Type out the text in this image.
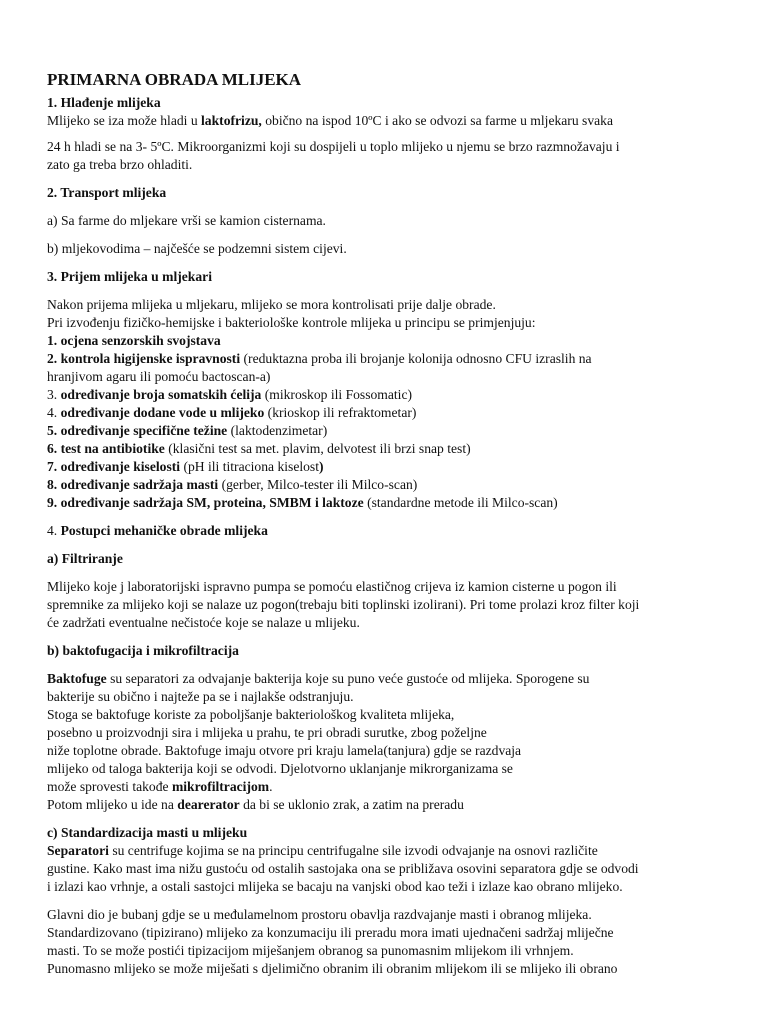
PRIMARNA OBRADA MLIJEKA

1. Hlađenje mlijeka

Mlijeko se iza može hladi u laktofrizu, obično na ispod 10ºC i ako se odvozi sa farme u mljekaru svaka

24 h hladi se na 3- 5ºC. Mikroorganizmi koji su dospijeli u toplo mlijeko u njemu se brzo razmnožavaju i

zato ga treba brzo ohladiti.

2. Transport mlijeka

a) Sa farme do mljekare vrši se kamion cisternama.

b) mljekovodima – najčešće se podzemni sistem cijevi.

3. Prijem mlijeka u mljekari

Nakon prijema mlijeka u mljekaru, mlijeko se mora kontrolisati prije dalje obrade.

Pri izvođenju fizičko-hemijske i bakteriološke kontrole mlijeka u principu se primjenjuju:

1. ocjena senzorskih svojstava

2. kontrola higijenske ispravnosti (reduktazna proba ili brojanje kolonija odnosno CFU izraslih na

hranjivom agaru ili pomoću bactoscan-a)

3. određivanje broja somatskih ćelija (mikroskop ili Fossomatic)

4. određivanje dodane vode u mlijeko (krioskop ili refraktometar)

5. određivanje specifične težine (laktodenzimetar)

6. test na antibiotike (klasični test sa met. plavim, delvotest ili brzi snap test)

7. određivanje kiselosti (pH ili titraciona kiselost)

8. određivanje sadržaja masti (gerber, Milco-tester ili Milco-scan)

9. određivanje sadržaja SM, proteina, SMBM i laktoze (standardne metode ili Milco-scan)

4. Postupci mehaničke obrade mlijeka

a) Filtriranje

Mlijeko koje j laboratorijski ispravno pumpa se pomoću elastičnog crijeva iz kamion cisterne u pogon ili

spremnike za mlijeko koji se nalaze uz pogon(trebaju biti toplinski izolirani). Pri tome prolazi kroz filter koji

će zadržati eventualne nečistoće koje se nalaze u mlijeku.

b) baktofugacija i mikrofiltracija

Baktofuge su separatori za odvajanje bakterija koje su puno veće gustoće od mlijeka. Sporogene su

bakterije su obično i najteže pa se i najlakše odstranjuju.

Stoga se baktofuge koriste za poboljšanje bakteriološkog kvaliteta mlijeka,

posebno u proizvodnji sira i mlijeka u prahu, te pri obradi surutke, zbog poželjne

niže toplotne obrade. Baktofuge imaju otvore pri kraju lamela(tanjura) gdje se razdvaja

mlijeko od taloga bakterija koji se odvodi. Djelotvorno uklanjanje mikrorganizama se

može sprovesti takođe mikrofiltracijom.

Potom mlijeko u ide na dearerator da bi se uklonio zrak, a zatim na preradu

c) Standardizacija masti u mlijeku

Separatori su centrifuge kojima se na principu centrifugalne sile izvodi odvajanje na osnovi različite

gustine. Kako mast ima nižu gustoću od ostalih sastojaka ona se približava osovini separatora gdje se odvodi

i izlazi kao vrhnje, a ostali sastojci mlijeka se bacaju na vanjski obod kao teži i izlaze kao obrano mlijeko.

Glavni dio je bubanj gdje se u međulamelnom prostoru obavlja razdvajanje masti i obranog mlijeka.

Standardizovano (tipizirano) mlijeko za konzumaciju ili preradu mora imati ujednačeni sadržaj mliječne

masti. To se može postići tipizacijom miješanjem obranog sa punomasnim mlijekom ili vrhnjem.

Punomasno mlijeko se može miješati s djelimično obranim ili obranim mlijekom ili se mlijeko ili obrano
